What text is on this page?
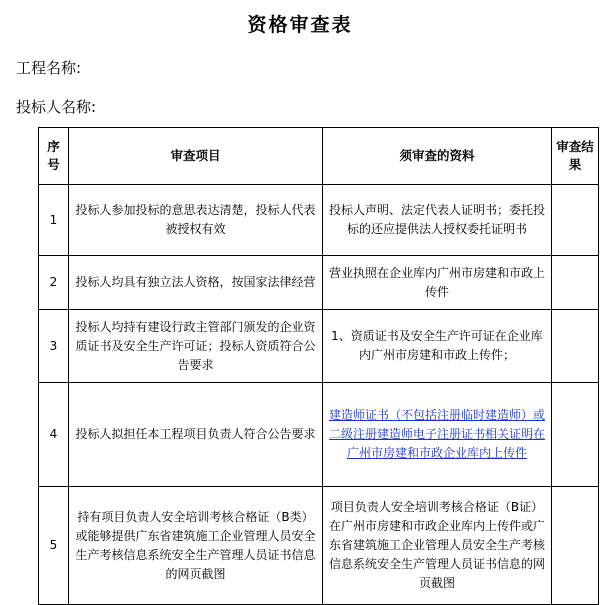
资格审查表
工程名称:
投标人名称:
序号	审查项目	须审查的资料	审查结果
1	投标人参加投标的意思表达清楚，投标人代表被授权有效	投标人声明、法定代表人证明书；委托投标的还应提供法人授权委托证明书	
2	投标人均具有独立法人资格，按国家法律经营	营业执照在企业库内广州市房建和市政上传件	
3	投标人均持有建设行政主管部门颁发的企业资质证书及安全生产许可证；投标人资质符合公告要求	1、资质证书及安全生产许可证在企业库内广州市房建和市政上传件；	
4	投标人拟担任本工程项目负责人符合公告要求	建造师证书（不包括注册临时建造师）或二级注册建造师电子注册证书相关证明在广州市房建和市政企业库内上传件	
5	持有项目负责人安全培训考核合格证（B类）或能够提供广东省建筑施工企业管理人员安全生产考核信息系统安全生产管理人员证书信息的网页截图	项目负责人安全培训考核合格证（B证）在广州市房建和市政企业库内上传件或广东省建筑施工企业管理人员安全生产考核信息系统安全生产管理人员证书信息的网页截图	
